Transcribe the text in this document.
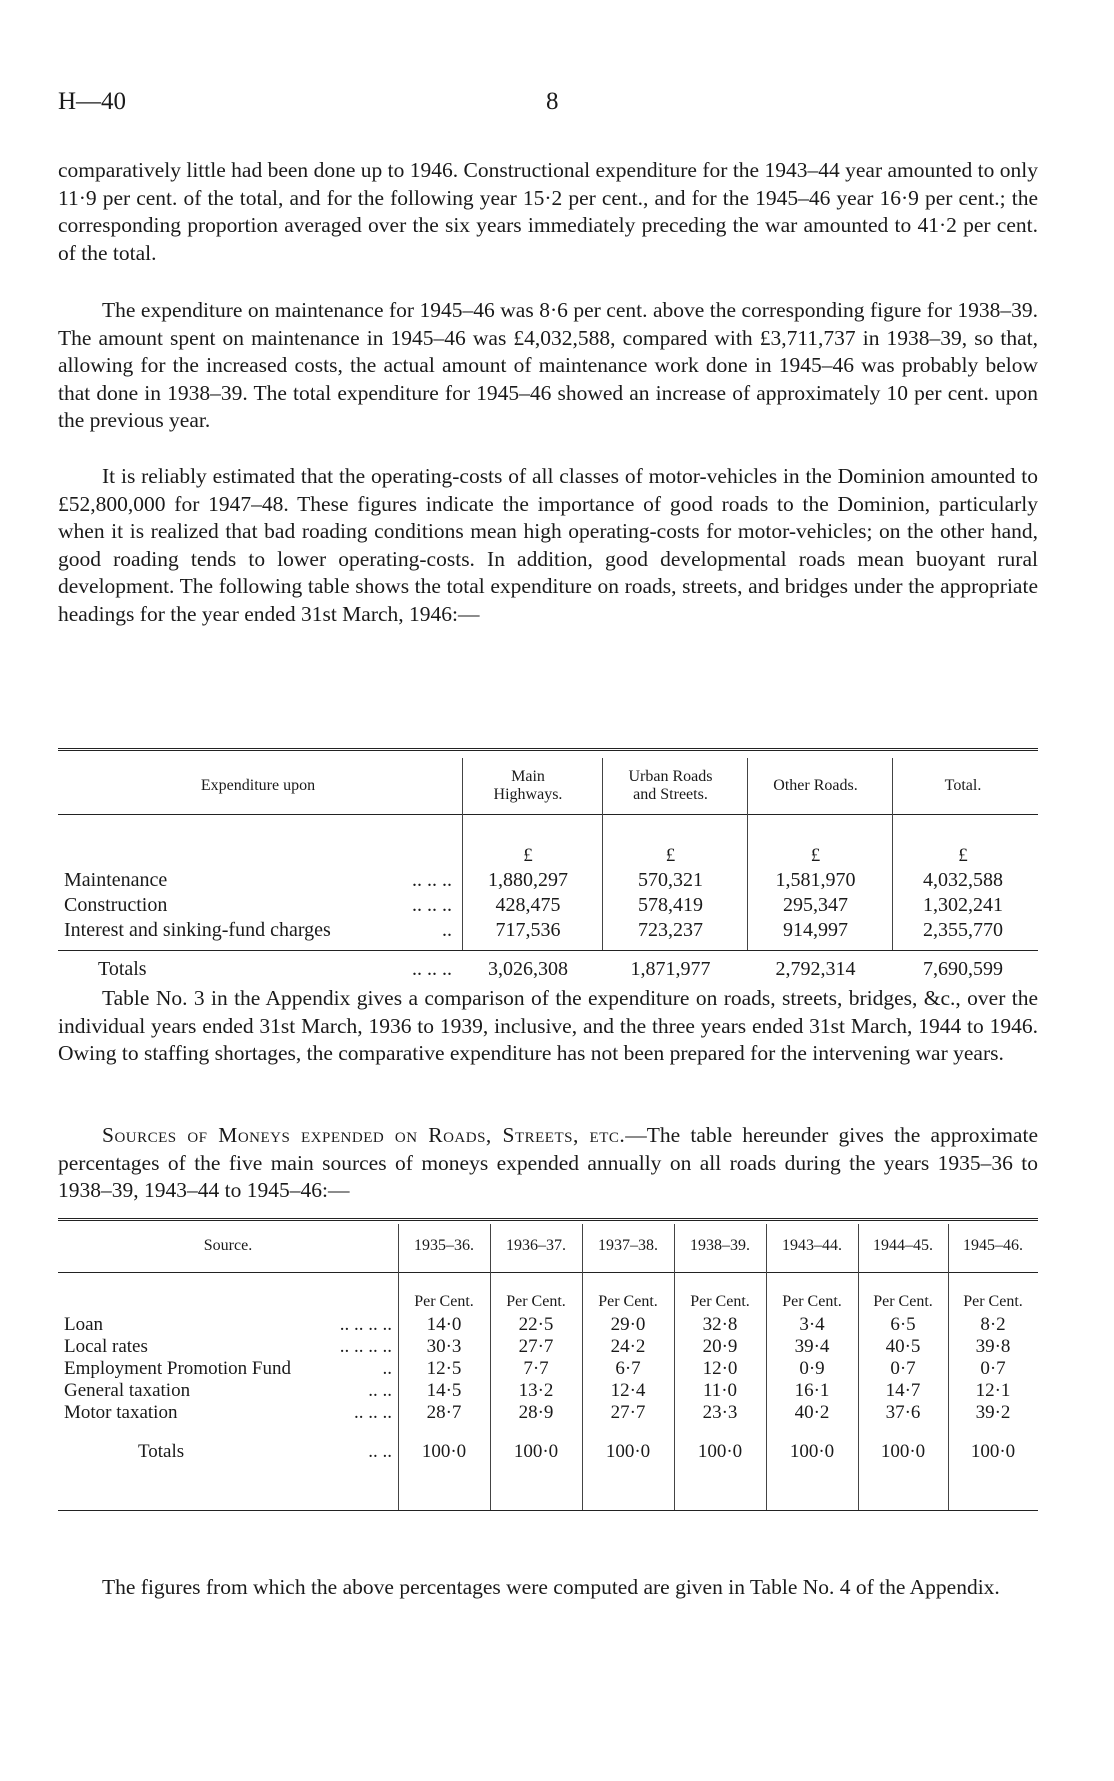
H—40	8

comparatively little had been done up to 1946. Constructional expenditure for the 1943–44 year amounted to only 11·9 per cent. of the total, and for the following year 15·2 per cent., and for the 1945–46 year 16·9 per cent.; the corresponding proportion averaged over the six years immediately preceding the war amounted to 41·2 per cent. of the total.

The expenditure on maintenance for 1945–46 was 8·6 per cent. above the corresponding figure for 1938–39. The amount spent on maintenance in 1945–46 was £4,032,588, compared with £3,711,737 in 1938–39, so that, allowing for the increased costs, the actual amount of maintenance work done in 1945–46 was probably below that done in 1938–39. The total expenditure for 1945–46 showed an increase of approximately 10 per cent. upon the previous year.

It is reliably estimated that the operating-costs of all classes of motor-vehicles in the Dominion amounted to £52,800,000 for 1947–48. These figures indicate the importance of good roads to the Dominion, particularly when it is realized that bad roading conditions mean high operating-costs for motor-vehicles; on the other hand, good roading tends to lower operating-costs. In addition, good developmental roads mean buoyant rural development. The following table shows the total expenditure on roads, streets, and bridges under the appropriate headings for the year ended 31st March, 1946:—

Expenditure upon	Main Highways.	Urban Roads and Streets.	Other Roads.	Total.

	£	£	£	£
Maintenance .. .. ..	1,880,297	570,321	1,581,970	4,032,588
Construction .. .. ..	428,475	578,419	295,347	1,302,241
Interest and sinking-fund charges ..	717,536	723,237	914,997	2,355,770
Totals .. .. ..	3,026,308	1,871,977	2,792,314	7,690,599

Table No. 3 in the Appendix gives a comparison of the expenditure on roads, streets, bridges, &c., over the individual years ended 31st March, 1936 to 1939, inclusive, and the three years ended 31st March, 1944 to 1946. Owing to staffing shortages, the comparative expenditure has not been prepared for the intervening war years.

Sources of Moneys expended on Roads, Streets, etc.—The table hereunder gives the approximate percentages of the five main sources of moneys expended annually on all roads during the years 1935–36 to 1938–39, 1943–44 to 1945–46:—

Source.	1935–36.	1936–37.	1937–38.	1938–39.	1943–44.	1944–45.	1945–46.

	Per Cent.	Per Cent.	Per Cent.	Per Cent.	Per Cent.	Per Cent.	Per Cent.
Loan .. .. .. ..	14·0	22·5	29·0	32·8	3·4	6·5	8·2
Local rates .. .. .. ..	30·3	27·7	24·2	20·9	39·4	40·5	39·8
Employment Promotion Fund ..	12·5	7·7	6·7	12·0	0·9	0·7	0·7
General taxation .. ..	14·5	13·2	12·4	11·0	16·1	14·7	12·1
Motor taxation .. .. ..	28·7	28·9	27·7	23·3	40·2	37·6	39·2
Totals .. ..	100·0	100·0	100·0	100·0	100·0	100·0	100·0

The figures from which the above percentages were computed are given in Table No. 4 of the Appendix.
